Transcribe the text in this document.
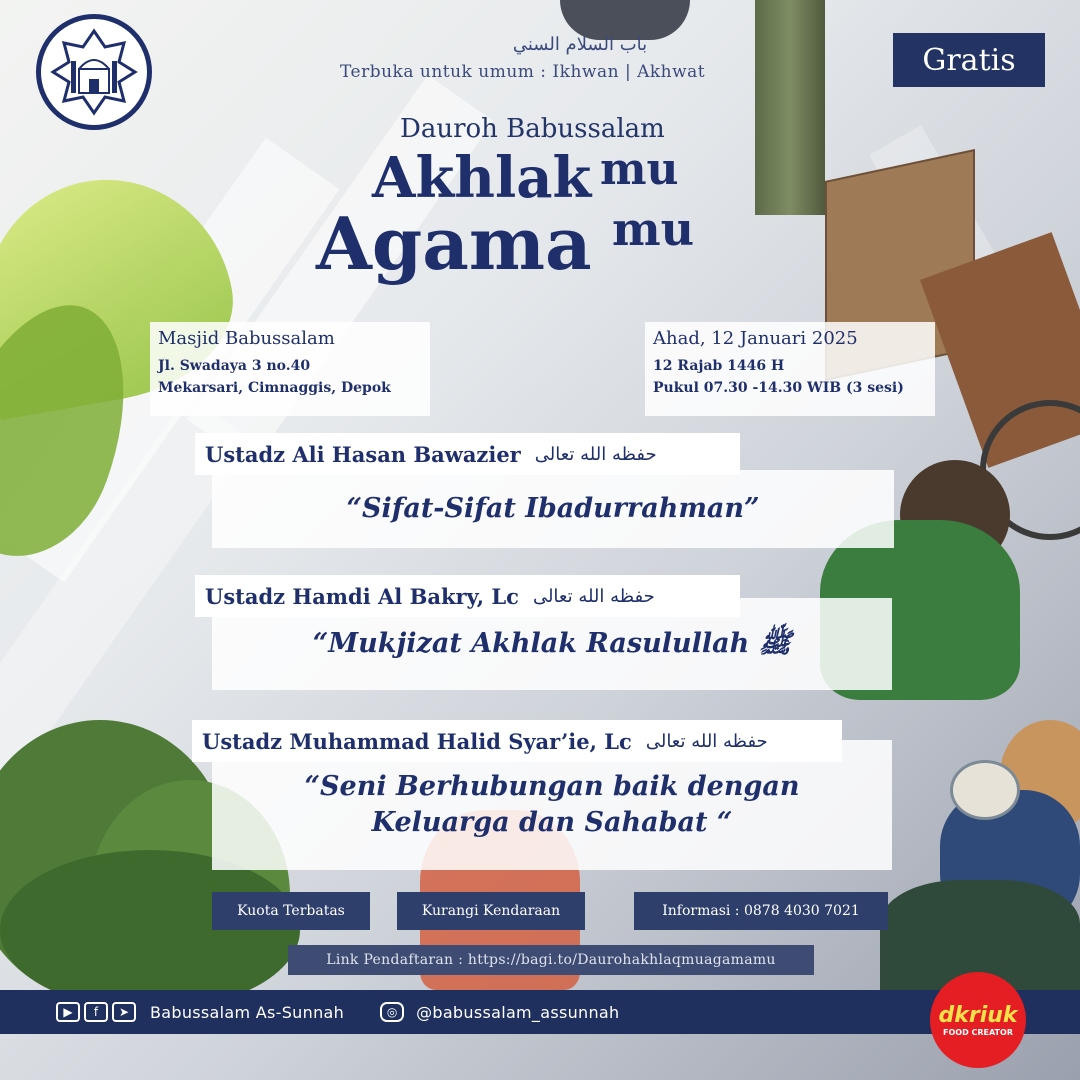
باب السلام السني
Terbuka untuk umum : Ikhwan | Akhwat	Gratis
Dauroh Babussalam
Akhlak mu
Agama mu
Masjid Babussalam
Jl. Swadaya 3 no.40
Mekarsari, Cimnaggis, Depok
Ahad, 12 Januari 2025
12 Rajab 1446 H
Pukul 07.30 -14.30 WIB (3 sesi)
“Sifat-Sifat Ibadurrahman”
Ustadz Ali Hasan Bawazier حفظه الله تعالى
“Mukjizat Akhlak Rasulullah ﷺ
Ustadz Hamdi Al Bakry, Lc حفظه الله تعالى
“Seni Berhubungan baik dengan
Keluarga dan Sahabat “
Ustadz Muhammad Halid Syar’ie, Lc حفظه الله تعالى
Kuota Terbatas	Kurangi Kendaraan	Informasi : 0878 4030 7021
Link Pendaftaran : https://bagi.to/Daurohakhlaqmuagamamu
▶	f	➤	Babussalam As-Sunnah	◎	@babussalam_assunnah	dkriuk
FOOD CREATOR
